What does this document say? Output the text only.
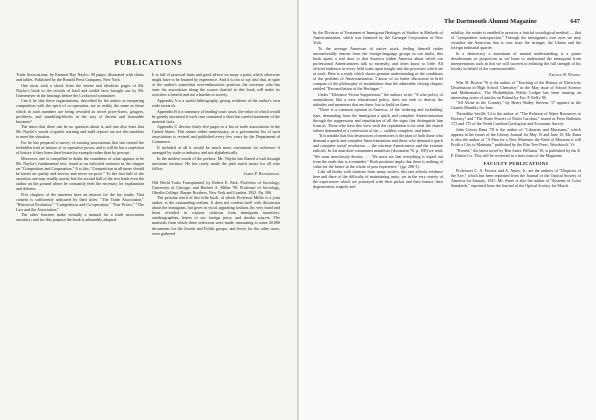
PUBLICATIONS

Trade Associations, by Emmett Hay Naylor. 90 pages, illustrated with charts and tables. Published by the Ronald Press Company, New York.

One turns with a shock from the serene and idealistic pages of Mr. Naylor's book to the recitals of hard and sordid facts brought out by Mr. Untermeyer in the hearings before the Lockwood committee.

Can it be that these organizations, described by the author as tempering competition with the spirit of co-operation, are in reality the same as those which in such numbers are being revealed as secret price-fixers, gougers, profiteers, and stumbling-blocks in the way of decent and honorable business?

The times that there can be no question about it, and one also fears that Mr. Naylor's words of gentle warning and mild reproof are not the remedies to meet the situation.

For he has prepared a survey of existing associations that has treated the forbidden fruit of misuse of co-operative power, and it will be but a repetition of history if they learn their lesson by example rather than by precept.

Moreover, one is compelled to doubt the soundness of what appears to be Mr. Naylor's fundamental text, found as an italicized sentence in the chapter on "Competition and Cooperation." It is this: "Competition at all times should be based on quality and service and never on price." To the first half of the assertion one may readily assent, but the second half of the rest leads even the author on the ground where he constantly feels the necessity for explanation and defense.

Five chapters of the nineteen have an interest for the lay reader. That content is sufficiently indicated by their titles: "The Trade Association," "Historical Evolution," "Competition and Co-operation," "Fair Prices," "The Law and the Association."

The other fourteen make virtually a manual for a trade association secretary; and for this purpose the book is admirably adapted.

It is full of practical hints and good advice on many a point which otherwise might have to be learned by experience. And it is fair to say also that, in spite of the author's somewhat over-enthusiastic position, the secretary who has steer his association along the course charted in this book will make its activities a benefit and not a burden to society.

Appendix A is a useful bibliography, giving evidence of the author's own wide research.

Appendix B is a summary of leading court cases, the value of which would be greatly increased if each case contained a short but careful statement of the material facts.

Appendix C devotes thirty-five pages to a list of trade associations in the United States. This seems rather unnecessary, as a government list of such associations is revised and published every few years by the Department of Commerce.

If included at all it would be much more convenient for reference if arranged by trade or industry, and not alphabetically.

In the modest words of the preface, Mr. Naylor has blazed a trail through uncertain territory. He has rarely made the path much easier for all who follow.

James P. Richardson.

Old World Traits Transplanted, by Robert E. Park, Professor of Sociology, University of Chicago, and Herbert A. Miller '99, Professor of Sociology, Oberlin College. Harper Brothers, New York and London, 1921. Pp. 306.

The peculiar merit of this little book, of which Professor Miller is a joint author, is the outstanding realism. It does not content itself with discussion about the immigrant, but gives in vivid, appealing fashion, his very mind and heart revealed in copious citations from immigrant narratives, autobiographies, letters to our foreign press, and similar sources. The materials from which these selections were made, amounting to some 20,000 documents for the Jewish and Polish groups, and fewer for the other races, were gathered

The Dartmouth Alumni Magazine	647

by the Division of Treatment of Immigrant Heritages of Studies in Methods of Americanization, which was financed by the Carnegie Corporation of New York.

To the average American of native stock, feeling himself rather uncomfortably remote from the foreign-language groups in our midst, this book opens a real door to that America within America about which our professional Americanizers talk so earnestly, and often know so little. All official endeavor in every field waits upon insight into the processes which are at work. Here is a study which shows genuine understanding of the conditions of the problem of Americanization. I know of no better discussion in brief compass of the philosophy of assimilation than the admirable closing chapter, entitled "Reconciliation of the Heritages."

Under "Tolerance Versus Suppression," the authors write: "A wise policy of assimilation, like a wise educational policy, does not seek to destroy the attitudes and memories that are there, but to build on them.

"There is a common opinion in America, of the 'ordering and forbidding' type, demanding from the immigrant a quick and complete Americanization through the suppression and repudiation of all the signs that distinguish him from us. Those who have this view wish the repudiation to be what the church fathers demanded of a confession of sin — sudden, complete, and bitter.

"It is notable that this destruction of memories is the plan of both those who demand a quick and complete Americanization and those who demand a quick and complete social revolution — the extreme Americanists and the extreme radicals. In the anarchist-communist manifesto (document 76, p. 100) we read: "We must mercilessly destroy . . . We must see that everything is wiped out from the earth that is a reminder." Both positions imply that there is nothing of value for the future in the whole of past experience." (pp. 280-1).

Like all books with citations from many writers, this one affords evidence here and there of the difficulty of maintaining unity; yet in the very variety of the experiences which are portrayed with their pathos and their humor, their degeneration, tragedy and

nobility, the reader is enabled to practice a fruitful sociological method — that of "sympathetic introspection." Through the immigrant's own eyes we may visualize the American that is ours from the stranger, the Ghetto and the foreign industrial quarter.

In a democracy a maximum of mutual understanding is a prime desideratum; in proportion as we learn to understand the immigrant from interpretations such as this we will succeed in enlisting the full strength of his loyalty in behalf of the commonwealth.

Erville B. Woods.

Wm. H. Brown '76 is the author of "Teaching of the History of Electricity Distribution in High School Chemistry" in the May issue of School Science and Mathematics. The Philadelphia Public Ledger has been running an interesting series of articles on Poland by Eric P. Kelly '06.

"All Alone in the Country," by Henry Bailey Stevens '17 appears in the Granite Monthly for June.

Thorndike Saville '14 is the author of "The Relation of Water Resources to Forestry" and "The Water Powers of North Carolina," issued as Press Bulletins 172 and 175 of the North Carolina Geological and Economic Survey.

John Cotton Dana '78 is the author of "Libraries and Museums," which appears in the issues of the Library Journal for May 15 and June 15. Mr. Dana is also the author of "A Plan for a New Museum: the Kind of Museum it will Profit a City to Maintain," published by the Elm Tree Press, Woodstock, Vt.

"Everett," the latest novel by Ben Ames Williams '10, is published by the E. P. Dutton Co. This will be reviewed in a later issue of the Magazine.

FACULTY PUBLICATIONS

Professors C. A. Proctor and A. Ames, Jr., are the authors of "Dioptrics of the Eye," which has been reprinted from the Journal of the Optical Society of America for January, 1921. Mr. Ames is also the author of "Systems of Color Standards," reprinted from the Journal of the Optical Society for March.
